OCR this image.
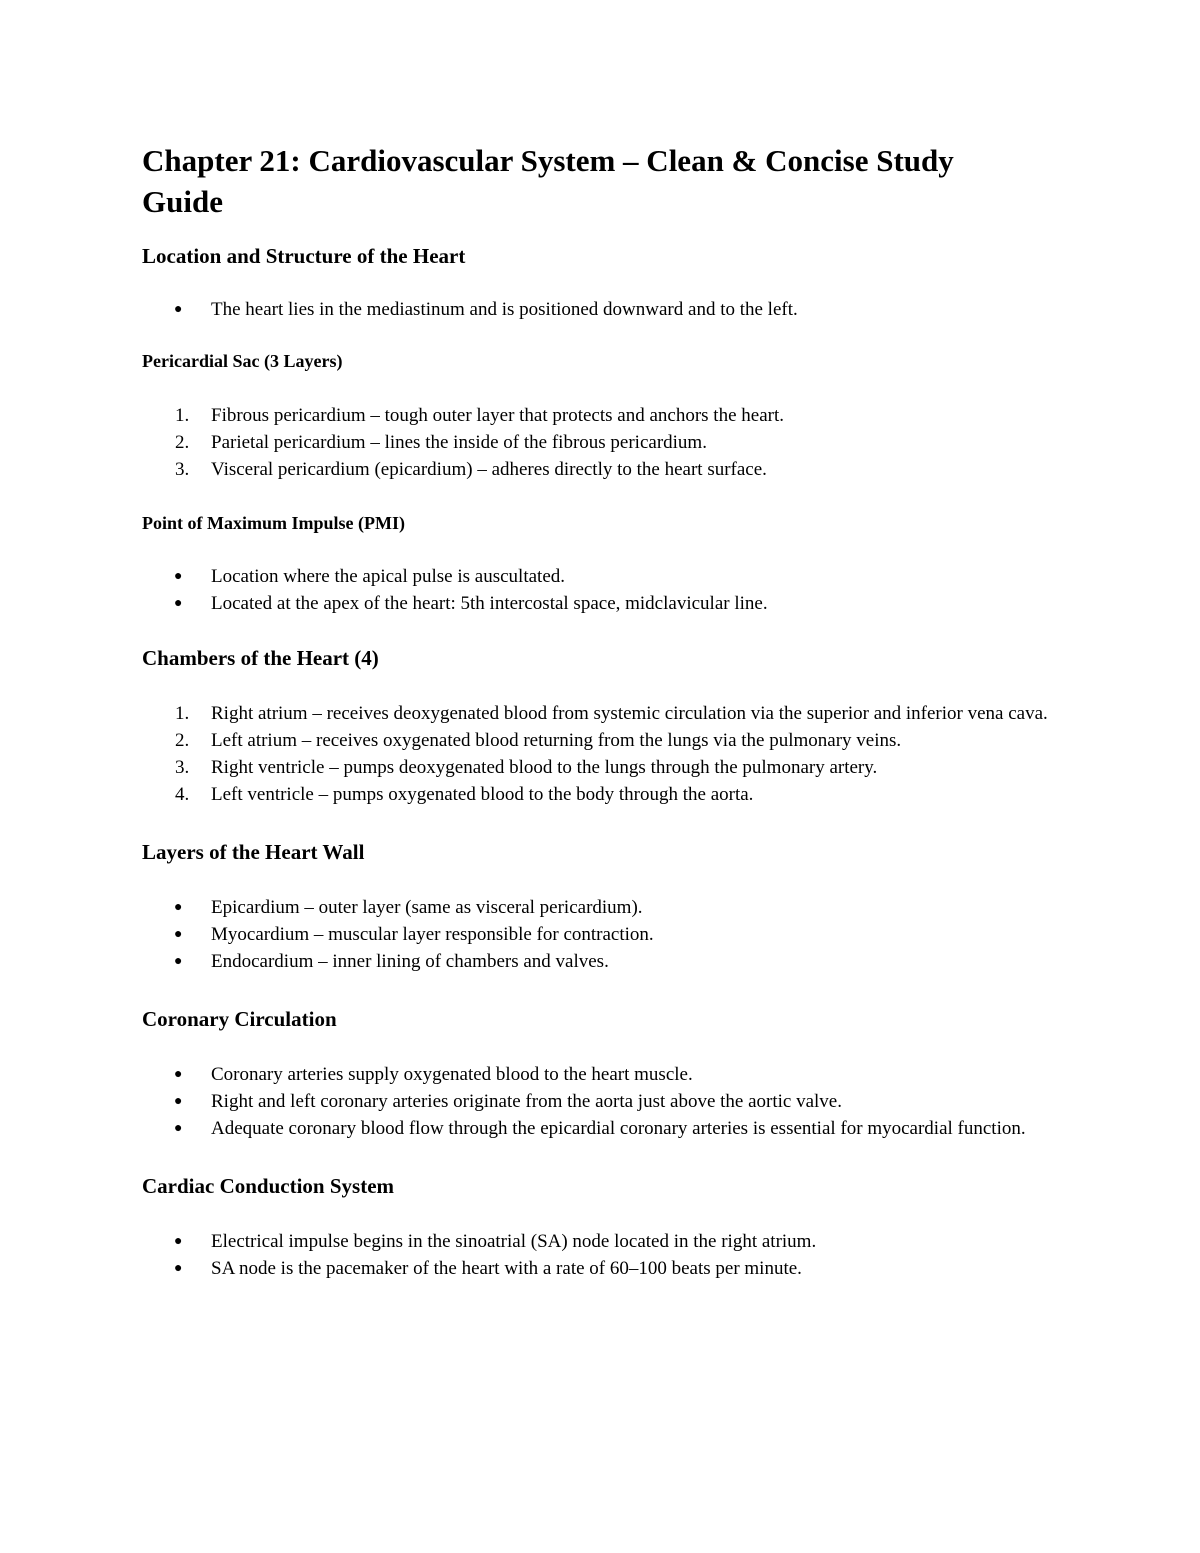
Chapter 21: Cardiovascular System – Clean & Concise Study Guide
Location and Structure of the Heart
● The heart lies in the mediastinum and is positioned downward and to the left.
Pericardial Sac (3 Layers)
1. Fibrous pericardium – tough outer layer that protects and anchors the heart.
2. Parietal pericardium – lines the inside of the fibrous pericardium.
3. Visceral pericardium (epicardium) – adheres directly to the heart surface.
Point of Maximum Impulse (PMI)
● Location where the apical pulse is auscultated.
● Located at the apex of the heart: 5th intercostal space, midclavicular line.
Chambers of the Heart (4)
1. Right atrium – receives deoxygenated blood from systemic circulation via the superior and inferior vena cava.
2. Left atrium – receives oxygenated blood returning from the lungs via the pulmonary veins.
3. Right ventricle – pumps deoxygenated blood to the lungs through the pulmonary artery.
4. Left ventricle – pumps oxygenated blood to the body through the aorta.
Layers of the Heart Wall
● Epicardium – outer layer (same as visceral pericardium).
● Myocardium – muscular layer responsible for contraction.
● Endocardium – inner lining of chambers and valves.
Coronary Circulation
● Coronary arteries supply oxygenated blood to the heart muscle.
● Right and left coronary arteries originate from the aorta just above the aortic valve.
● Adequate coronary blood flow through the epicardial coronary arteries is essential for myocardial function.
Cardiac Conduction System
● Electrical impulse begins in the sinoatrial (SA) node located in the right atrium.
● SA node is the pacemaker of the heart with a rate of 60–100 beats per minute.
